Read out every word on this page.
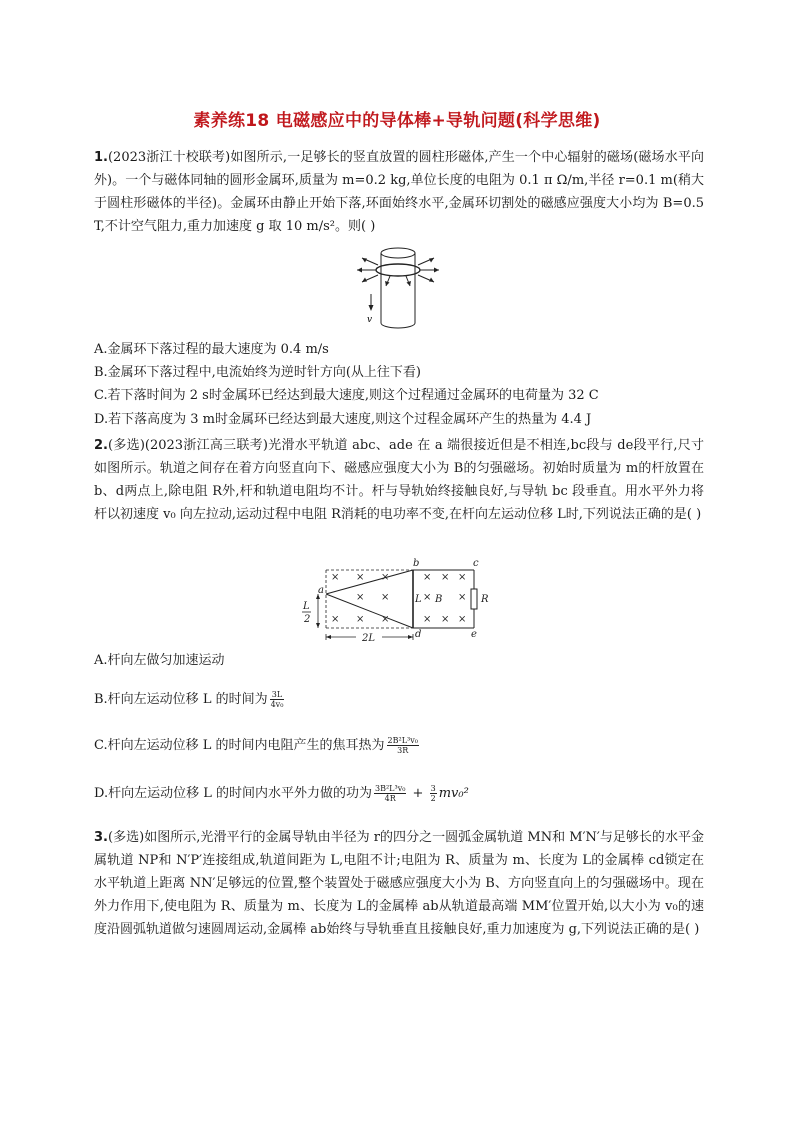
素养练18 电磁感应中的导体棒+导轨问题(科学思维)
1.(2023浙江十校联考)如图所示,一足够长的竖直放置的圆柱形磁体,产生一个中心辐射的磁场(磁场水平向外)。一个与磁体同轴的圆形金属环,质量为 m=0.2 kg,单位长度的电阻为 0.1 π Ω/m,半径 r=0.1 m(稍大于圆柱形磁体的半径)。金属环由静止开始下落,环面始终水平,金属环切割处的磁感应强度大小均为 B=0.5 T,不计空气阻力,重力加速度 g 取 10 m/s²。则( )
v
A.金属环下落过程的最大速度为 0.4 m/s
B.金属环下落过程中,电流始终为逆时针方向(从上往下看)
C.若下落时间为 2 s时金属环已经达到最大速度,则这个过程通过金属环的电荷量为 32 C
D.若下落高度为 3 m时金属环已经达到最大速度,则这个过程金属环产生的热量为 4.4 J
2.(多选)(2023浙江高三联考)光滑水平轨道 abc、ade 在 a 端很接近但是不相连,bc段与 de段平行,尺寸如图所示。轨道之间存在着方向竖直向下、磁感应强度大小为 B的匀强磁场。初始时质量为 m的杆放置在 b、d两点上,除电阻 R外,杆和轨道电阻均不计。杆与导轨始终接触良好,与导轨 bc 段垂直。用水平外力将杆以初速度 v₀ 向左拉动,运动过程中电阻 R消耗的电功率不变,在杆向左运动位移 L时,下列说法正确的是( )
× × ×
× ×
× × ×
× × ×
×	×
× × ×
a
b	c
d	e
L B	R
2L
L
2
A.杆向左做匀加速运动
B.杆向左运动位移 L 的时间为 $\frac{3L}{\text{4v₀}}$
C.杆向左运动位移 L 的时间内电阻产生的焦耳热为 $\frac{\text{2B²L³v₀}}{3R}$
D.杆向左运动位移 L 的时间内水平外力做的功为 $\frac{\text{3B²L³v₀}}{4R} + \frac{3}{2} mv_0^2$
3.(多选)如图所示,光滑平行的金属导轨由半径为 r的四分之一圆弧金属轨道 MN和 M′N′与足够长的水平金属轨道 NP和 N′P′连接组成,轨道间距为 L,电阻不计;电阻为 R、质量为 m、长度为 L的金属棒 cd锁定在水平轨道上距离 NN′足够远的位置,整个装置处于磁感应强度大小为 B、方向竖直向上的匀强磁场中。现在外力作用下,使电阻为 R、质量为 m、长度为 L的金属棒 ab从轨道最高端 MM′位置开始,以大小为 v₀的速度沿圆弧轨道做匀速圆周运动,金属棒 ab始终与导轨垂直且接触良好,重力加速度为 g,下列说法正确的是( )
